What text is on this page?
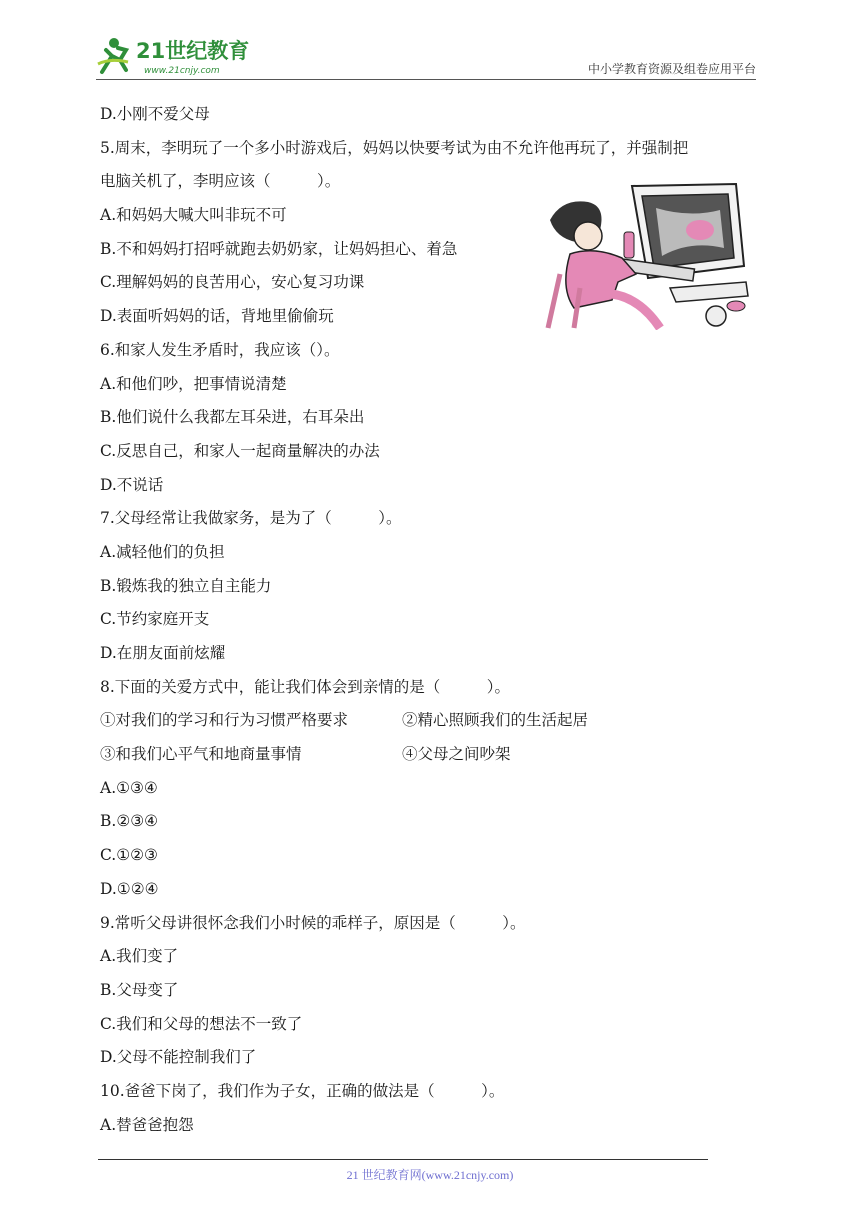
21世纪教育
www.21cnjy.com	中小学教育资源及组卷应用平台
D.小刚不爱父母
5.周末，李明玩了一个多小时游戏后，妈妈以快要考试为由不允许他再玩了，并强制把
电脑关机了，李明应该（　　　）。
A.和妈妈大喊大叫非玩不可
B.不和妈妈打招呼就跑去奶奶家，让妈妈担心、着急
C.理解妈妈的良苦用心，安心复习功课
D.表面听妈妈的话，背地里偷偷玩
6.和家人发生矛盾时，我应该（）。
A.和他们吵，把事情说清楚
B.他们说什么我都左耳朵进，右耳朵出
C.反思自己，和家人一起商量解决的办法
D.不说话
7.父母经常让我做家务，是为了（　　　）。
A.减轻他们的负担
B.锻炼我的独立自主能力
C.节约家庭开支
D.在朋友面前炫耀
8.下面的关爱方式中，能让我们体会到亲情的是（　　　）。
①对我们的学习和行为习惯严格要求	②精心照顾我们的生活起居
③和我们心平气和地商量事情	④父母之间吵架
A.①③④
B.②③④
C.①②③
D.①②④
9.常听父母讲很怀念我们小时候的乖样子，原因是（　　　）。
A.我们变了
B.父母变了
C.我们和父母的想法不一致了
D.父母不能控制我们了
10.爸爸下岗了，我们作为子女，正确的做法是（　　　）。
A.替爸爸抱怨
21 世纪教育网(www.21cnjy.com)
